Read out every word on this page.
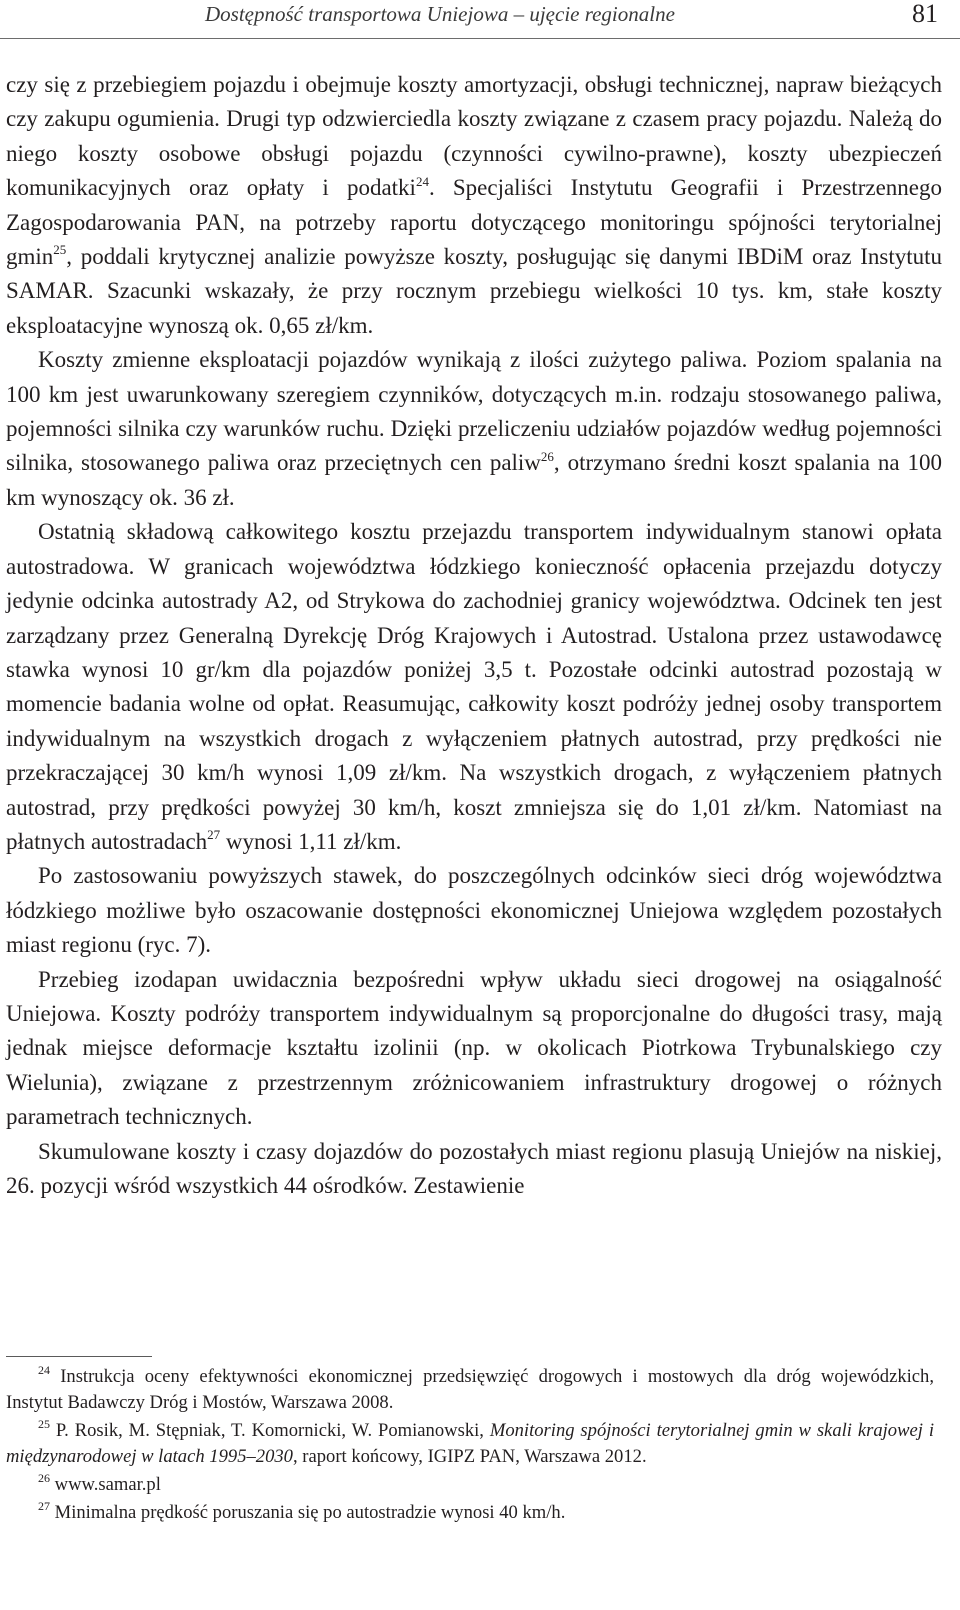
Dostępność transportowa Uniejowa – ujęcie regionalne	81

czy się z przebiegiem pojazdu i obejmuje koszty amortyzacji, obsługi technicznej, napraw bieżących czy zakupu ogumienia. Drugi typ odzwierciedla koszty związane z czasem pracy pojazdu. Należą do niego koszty osobowe obsługi pojazdu (czynności cywilno-prawne), koszty ubezpieczeń komunikacyjnych oraz opłaty i podatki$^{24}$. Specjaliści Instytutu Geografii i Przestrzennego Zagospodarowania PAN, na potrzeby raportu dotyczącego monitoringu spójności terytorialnej gmin$^{25}$, poddali krytycznej analizie powyższe koszty, posługując się danymi IBDiM oraz Instytutu SAMAR. Szacunki wskazały, że przy rocznym przebiegu wielkości 10 tys. km, stałe koszty eksploatacyjne wynoszą ok. 0,65 zł/km.

Koszty zmienne eksploatacji pojazdów wynikają z ilości zużytego paliwa. Poziom spalania na 100 km jest uwarunkowany szeregiem czynników, dotyczących m.in. rodzaju stosowanego paliwa, pojemności silnika czy warunków ruchu. Dzięki przeliczeniu udziałów pojazdów według pojemności silnika, stosowanego paliwa oraz przeciętnych cen paliw$^{26}$, otrzymano średni koszt spalania na 100 km wynoszący ok. 36 zł.

Ostatnią składową całkowitego kosztu przejazdu transportem indywidualnym stanowi opłata autostradowa. W granicach województwa łódzkiego konieczność opłacenia przejazdu dotyczy jedynie odcinka autostrady A2, od Strykowa do zachodniej granicy województwa. Odcinek ten jest zarządzany przez Generalną Dyrekcję Dróg Krajowych i Autostrad. Ustalona przez ustawodawcę stawka wynosi 10 gr/km dla pojazdów poniżej 3,5 t. Pozostałe odcinki autostrad pozostają w momencie badania wolne od opłat. Reasumując, całkowity koszt podróży jednej osoby transportem indywidualnym na wszystkich drogach z wyłączeniem płatnych autostrad, przy prędkości nie przekraczającej 30 km/h wynosi 1,09 zł/km. Na wszystkich drogach, z wyłączeniem płatnych autostrad, przy prędkości powyżej 30 km/h, koszt zmniejsza się do 1,01 zł/km. Natomiast na płatnych autostradach$^{27}$ wynosi 1,11 zł/km.

Po zastosowaniu powyższych stawek, do poszczególnych odcinków sieci dróg województwa łódzkiego możliwe było oszacowanie dostępności ekonomicznej Uniejowa względem pozostałych miast regionu (ryc. 7).

Przebieg izodapan uwidacznia bezpośredni wpływ układu sieci drogowej na osiągalność Uniejowa. Koszty podróży transportem indywidualnym są proporcjonalne do długości trasy, mają jednak miejsce deformacje kształtu izolinii (np. w okolicach Piotrkowa Trybunalskiego czy Wielunia), związane z przestrzennym zróżnicowaniem infrastruktury drogowej o różnych parametrach technicznych.

Skumulowane koszty i czasy dojazdów do pozostałych miast regionu plasują Uniejów na niskiej, 26. pozycji wśród wszystkich 44 ośrodków. Zestawienie

$^{24}$ Instrukcja oceny efektywności ekonomicznej przedsięwzięć drogowych i mostowych dla dróg wojewódzkich, Instytut Badawczy Dróg i Mostów, Warszawa 2008.

$^{25}$ P. Rosik, M. Stępniak, T. Komornicki, W. Pomianowski, Monitoring spójności terytorialnej gmin w skali krajowej i międzynarodowej w latach 1995–2030, raport końcowy, IGIPZ PAN, Warszawa 2012.

$^{26}$ www.samar.pl

$^{27}$ Minimalna prędkość poruszania się po autostradzie wynosi 40 km/h.
